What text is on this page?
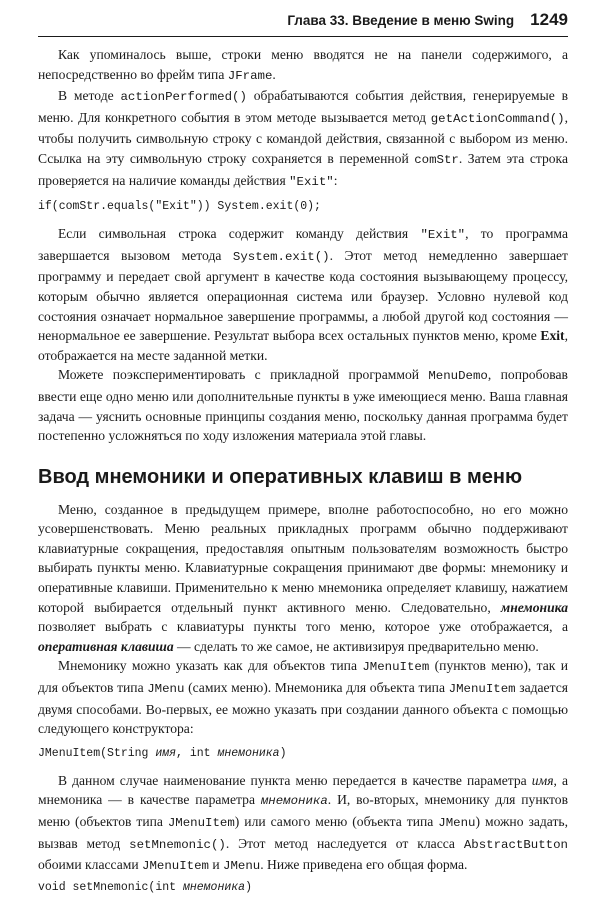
Глава 33. Введение в меню Swing 1249

Как упоминалось выше, строки меню вводятся не на панели содержимого, а непосредственно во фрейм типа JFrame.

В методе actionPerformed() обрабатываются события действия, генерируемые в меню. Для конкретного события в этом методе вызывается метод getActionCommand(), чтобы получить символьную строку с командой действия, связанной с выбором из меню. Ссылка на эту символьную строку сохраняется в переменной comStr. Затем эта строка проверяется на наличие команды действия "Exit":

if(comStr.equals("Exit")) System.exit(0);

Если символьная строка содержит команду действия "Exit", то программа завершается вызовом метода System.exit(). Этот метод немедленно завершает программу и передает свой аргумент в качестве кода состояния вызывающему процессу, которым обычно является операционная система или браузер. Условно нулевой код состояния означает нормальное завершение программы, а любой другой код состояния — ненормальное ее завершение. Результат выбора всех остальных пунктов меню, кроме Exit, отображается на месте заданной метки.

Можете поэкспериментировать с прикладной программой MenuDemo, попробовав ввести еще одно меню или дополнительные пункты в уже имеющиеся меню. Ваша главная задача — уяснить основные принципы создания меню, поскольку данная программа будет постепенно усложняться по ходу изложения материала этой главы.

Ввод мнемоники и оперативных клавиш в меню

Меню, созданное в предыдущем примере, вполне работоспособно, но его можно усовершенствовать. Меню реальных прикладных программ обычно поддерживают клавиатурные сокращения, предоставляя опытным пользователям возможность быстро выбирать пункты меню. Клавиатурные сокращения принимают две формы: мнемонику и оперативные клавиши. Применительно к меню мнемоника определяет клавишу, нажатием которой выбирается отдельный пункт активного меню. Следовательно, мнемоника позволяет выбрать с клавиатуры пункты того меню, которое уже отображается, а оперативная клавиша — сделать то же самое, не активизируя предварительно меню.

Мнемонику можно указать как для объектов типа JMenuItem (пунктов меню), так и для объектов типа JMenu (самих меню). Мнемоника для объекта типа JMenuItem задается двумя способами. Во-первых, ее можно указать при создании данного объекта с помощью следующего конструктора:

JMenuItem(String имя, int мнемоника)

В данном случае наименование пункта меню передается в качестве параметра имя, а мнемоника — в качестве параметра мнемоника. И, во-вторых, мнемонику для пунктов меню (объектов типа JMenuItem) или самого меню (объекта типа JMenu) можно задать, вызвав метод setMnemonic(). Этот метод наследуется от класса AbstractButton обоими классами JMenuItem и JMenu. Ниже приведена его общая форма.

void setMnemonic(int мнемоника)
